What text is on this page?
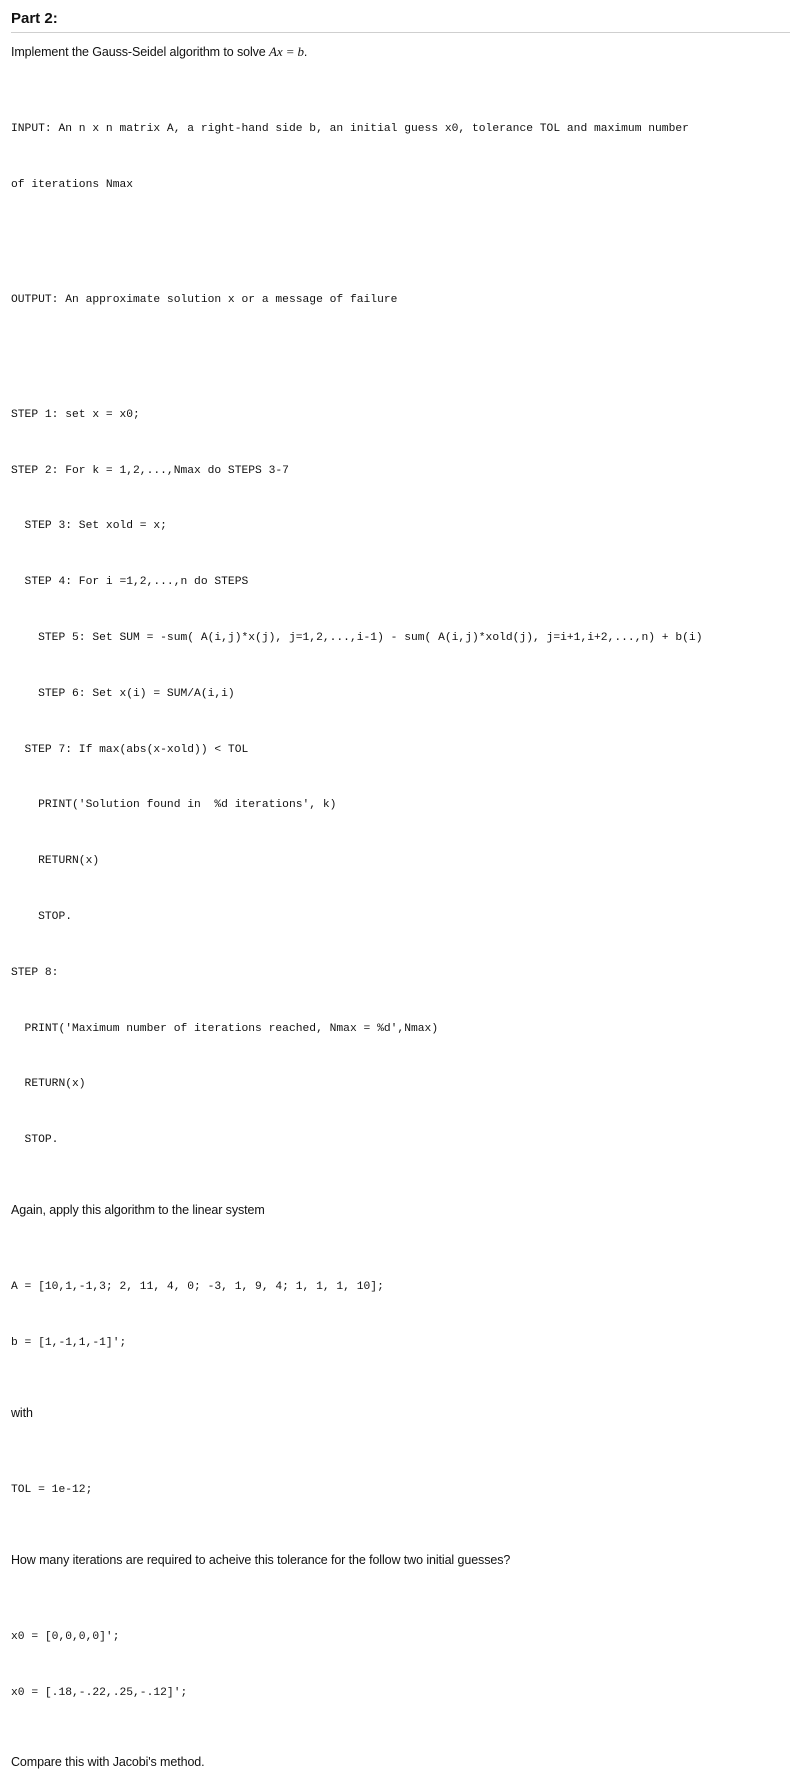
Part 2:

Implement the Gauss-Seidel algorithm to solve Ax = b.

INPUT: An n x n matrix A, a right-hand side b, an initial guess x0, tolerance TOL and maximum number

of iterations Nmax

OUTPUT: An approximate solution x or a message of failure

STEP 1: set x = x0;

STEP 2: For k = 1,2,...,Nmax do STEPS 3-7

STEP 3: Set xold = x;

STEP 4: For i =1,2,...,n do STEPS

STEP 5: Set SUM = -sum( A(i,j)*x(j), j=1,2,...,i-1) - sum( A(i,j)*xold(j), j=i+1,i+2,...,n) + b(i)

STEP 6: Set x(i) = SUM/A(i,i)

STEP 7: If max(abs(x-xold)) < TOL

PRINT('Solution found in  %d iterations', k)

RETURN(x)

STOP.

STEP 8:

PRINT('Maximum number of iterations reached, Nmax = %d',Nmax)

RETURN(x)

STOP.

Again, apply this algorithm to the linear system

A = [10,1,-1,3; 2, 11, 4, 0; -3, 1, 9, 4; 1, 1, 1, 10];

b = [1,-1,1,-1]';

with

TOL = 1e-12;

How many iterations are required to acheive this tolerance for the follow two initial guesses?

x0 = [0,0,0,0]';

x0 = [.18,-.22,.25,-.12]';

Compare this with Jacobi's method.
